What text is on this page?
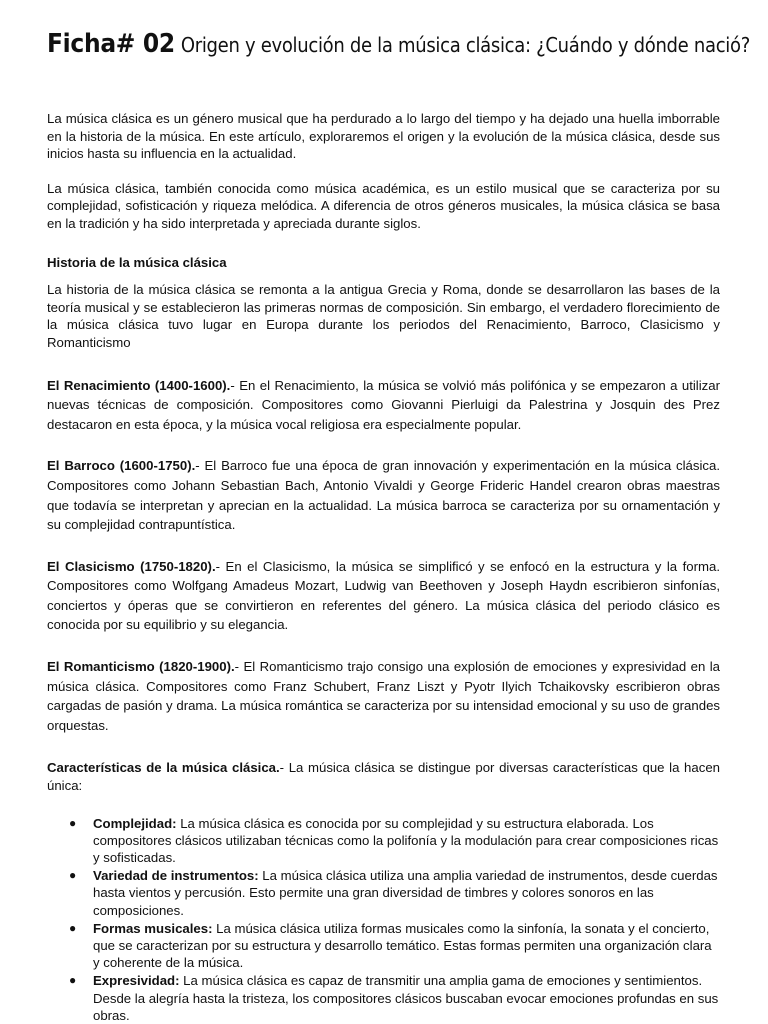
Ficha# 02 Origen y evolución de la música clásica: ¿Cuándo y dónde nació?

La música clásica es un género musical que ha perdurado a lo largo del tiempo y ha dejado una huella imborrable en la historia de la música. En este artículo, exploraremos el origen y la evolución de la música clásica, desde sus inicios hasta su influencia en la actualidad.

La música clásica, también conocida como música académica, es un estilo musical que se caracteriza por su complejidad, sofisticación y riqueza melódica. A diferencia de otros géneros musicales, la música clásica se basa en la tradición y ha sido interpretada y apreciada durante siglos.

Historia de la música clásica

La historia de la música clásica se remonta a la antigua Grecia y Roma, donde se desarrollaron las bases de la teoría musical y se establecieron las primeras normas de composición. Sin embargo, el verdadero florecimiento de la música clásica tuvo lugar en Europa durante los periodos del Renacimiento, Barroco, Clasicismo y Romanticismo

El Renacimiento (1400-1600).- En el Renacimiento, la música se volvió más polifónica y se empezaron a utilizar nuevas técnicas de composición. Compositores como Giovanni Pierluigi da Palestrina y Josquin des Prez destacaron en esta época, y la música vocal religiosa era especialmente popular.

El Barroco (1600-1750).- El Barroco fue una época de gran innovación y experimentación en la música clásica. Compositores como Johann Sebastian Bach, Antonio Vivaldi y George Frideric Handel crearon obras maestras que todavía se interpretan y aprecian en la actualidad. La música barroca se caracteriza por su ornamentación y su complejidad contrapuntística.

El Clasicismo (1750-1820).- En el Clasicismo, la música se simplificó y se enfocó en la estructura y la forma. Compositores como Wolfgang Amadeus Mozart, Ludwig van Beethoven y Joseph Haydn escribieron sinfonías, conciertos y óperas que se convirtieron en referentes del género. La música clásica del periodo clásico es conocida por su equilibrio y su elegancia.

El Romanticismo (1820-1900).- El Romanticismo trajo consigo una explosión de emociones y expresividad en la música clásica. Compositores como Franz Schubert, Franz Liszt y Pyotr Ilyich Tchaikovsky escribieron obras cargadas de pasión y drama. La música romántica se caracteriza por su intensidad emocional y su uso de grandes orquestas.

Características de la música clásica.- La música clásica se distingue por diversas características que la hacen única:

● Complejidad: La música clásica es conocida por su complejidad y su estructura elaborada. Los compositores clásicos utilizaban técnicas como la polifonía y la modulación para crear composiciones ricas y sofisticadas.
● Variedad de instrumentos: La música clásica utiliza una amplia variedad de instrumentos, desde cuerdas hasta vientos y percusión. Esto permite una gran diversidad de timbres y colores sonoros en las composiciones.
● Formas musicales: La música clásica utiliza formas musicales como la sinfonía, la sonata y el concierto, que se caracterizan por su estructura y desarrollo temático. Estas formas permiten una organización clara y coherente de la música.
● Expresividad: La música clásica es capaz de transmitir una amplia gama de emociones y sentimientos. Desde la alegría hasta la tristeza, los compositores clásicos buscaban evocar emociones profundas en sus obras.
